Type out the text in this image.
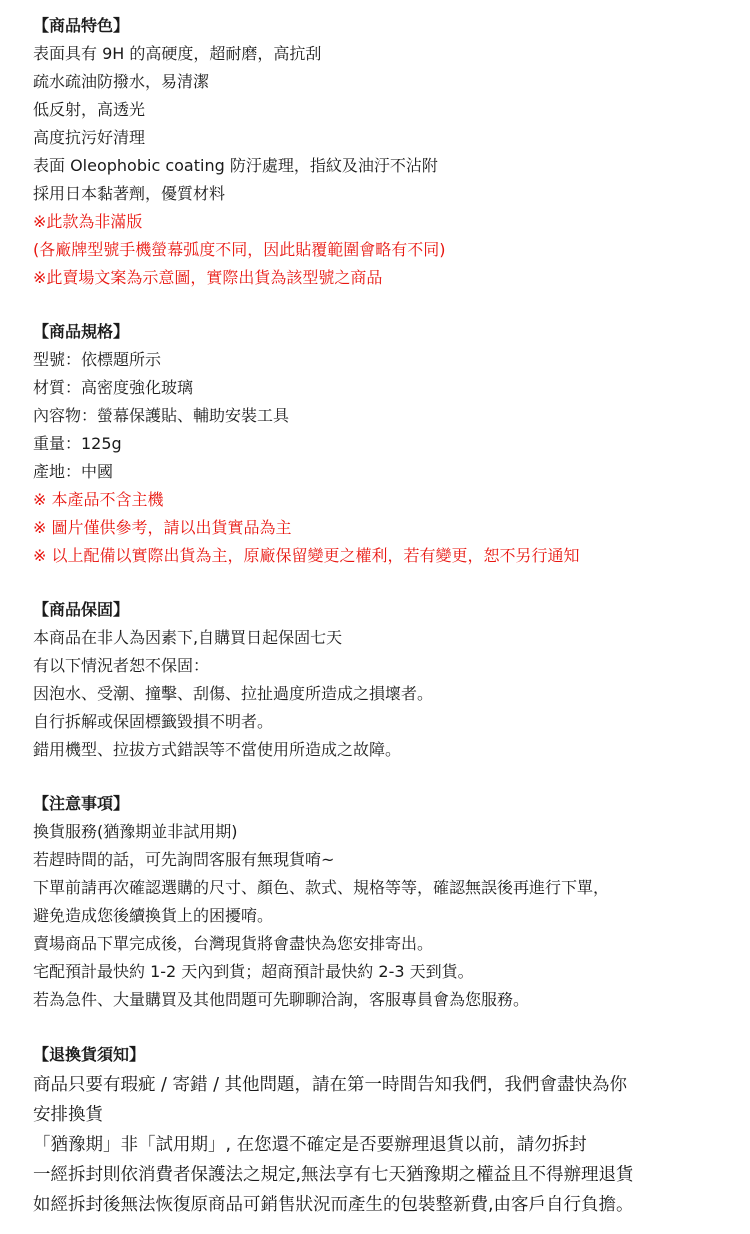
【商品特色】
表面具有 9H 的高硬度，超耐磨，高抗刮
疏水疏油防撥水，易清潔
低反射，高透光
高度抗污好清理
表面 Oleophobic coating 防汙處理，指紋及油汙不沾附
採用日本黏著劑，優質材料
※此款為非滿版
(各廠牌型號手機螢幕弧度不同，因此貼覆範圍會略有不同)
※此賣場文案為示意圖，實際出貨為該型號之商品
【商品規格】
型號：依標題所示
材質：高密度強化玻璃
內容物：螢幕保護貼、輔助安裝工具
重量：125g
產地：中國
※ 本產品不含主機
※ 圖片僅供參考，請以出貨實品為主
※ 以上配備以實際出貨為主，原廠保留變更之權利，若有變更，恕不另行通知
【商品保固】
本商品在非人為因素下,自購買日起保固七天
有以下情況者恕不保固：
因泡水、受潮、撞擊、刮傷、拉扯過度所造成之損壞者。
自行拆解或保固標籤毀損不明者。
錯用機型、拉拔方式錯誤等不當使用所造成之故障。
【注意事項】
換貨服務(猶豫期並非試用期)
若趕時間的話，可先詢問客服有無現貨唷~
下單前請再次確認選購的尺寸、顏色、款式、規格等等，確認無誤後再進行下單，
避免造成您後續換貨上的困擾唷。
賣場商品下單完成後，台灣現貨將會盡快為您安排寄出。
宅配預計最快約 1-2 天內到貨；超商預計最快約 2-3 天到貨。
若為急件、大量購買及其他問題可先聊聊洽詢，客服專員會為您服務。
【退換貨須知】
商品只要有瑕疵 / 寄錯 / 其他問題，請在第一時間告知我們，我們會盡快為你
安排換貨
「猶豫期」非「試用期」, 在您還不確定是否要辦理退貨以前，請勿拆封
一經拆封則依消費者保護法之規定,無法享有七天猶豫期之權益且不得辦理退貨
如經拆封後無法恢復原商品可銷售狀況而產生的包裝整新費,由客戶自行負擔。
